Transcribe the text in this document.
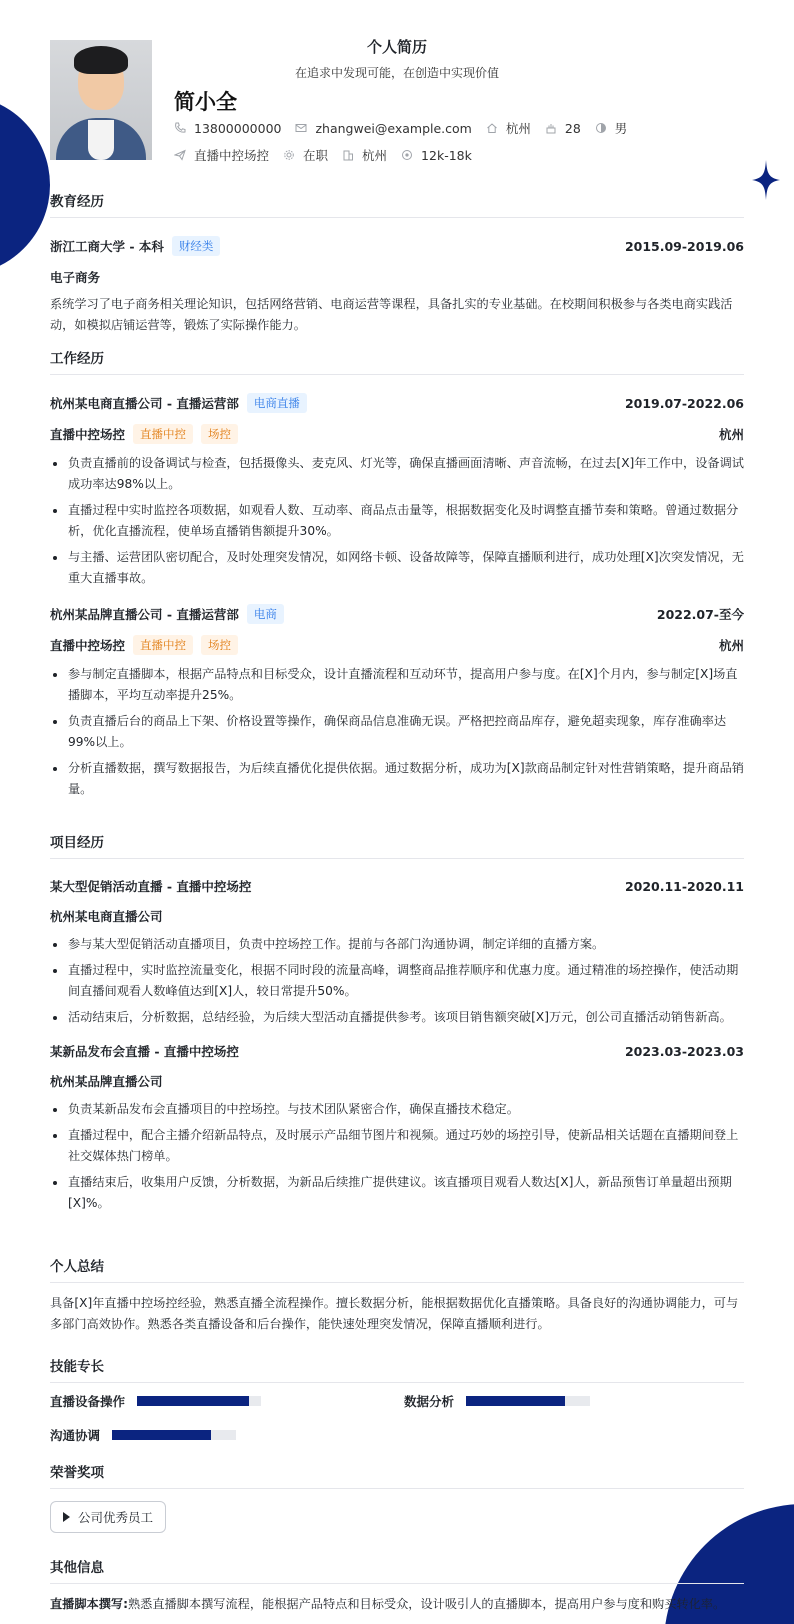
个人简历
在追求中发现可能，在创造中实现价值
简小全
13800000000	zhangwei@example.com	杭州	28	男
直播中控场控	在职	杭州	12k-18k
教育经历
浙江工商大学 - 本科	财经类	2015.09-2019.06
电子商务
系统学习了电子商务相关理论知识，包括网络营销、电商运营等课程，具备扎实的专业基础。在校期间积极参与各类电商实践活动，如模拟店铺运营等，锻炼了实际操作能力。
工作经历
杭州某电商直播公司 - 直播运营部	电商直播	2019.07-2022.06
直播中控场控	直播中控	场控	杭州
负责直播前的设备调试与检查，包括摄像头、麦克风、灯光等，确保直播画面清晰、声音流畅，在过去[X]年工作中，设备调试成功率达98%以上。
直播过程中实时监控各项数据，如观看人数、互动率、商品点击量等，根据数据变化及时调整直播节奏和策略。曾通过数据分析，优化直播流程，使单场直播销售额提升30%。
与主播、运营团队密切配合，及时处理突发情况，如网络卡顿、设备故障等，保障直播顺利进行，成功处理[X]次突发情况，无重大直播事故。
杭州某品牌直播公司 - 直播运营部	电商	2022.07-至今
直播中控场控	直播中控	场控	杭州
参与制定直播脚本，根据产品特点和目标受众，设计直播流程和互动环节，提高用户参与度。在[X]个月内，参与制定[X]场直播脚本，平均互动率提升25%。
负责直播后台的商品上下架、价格设置等操作，确保商品信息准确无误。严格把控商品库存，避免超卖现象，库存准确率达99%以上。
分析直播数据，撰写数据报告，为后续直播优化提供依据。通过数据分析，成功为[X]款商品制定针对性营销策略，提升商品销量。
项目经历
某大型促销活动直播 - 直播中控场控	2020.11-2020.11
杭州某电商直播公司
参与某大型促销活动直播项目，负责中控场控工作。提前与各部门沟通协调，制定详细的直播方案。
直播过程中，实时监控流量变化，根据不同时段的流量高峰，调整商品推荐顺序和优惠力度。通过精准的场控操作，使活动期间直播间观看人数峰值达到[X]人，较日常提升50%。
活动结束后，分析数据，总结经验，为后续大型活动直播提供参考。该项目销售额突破[X]万元，创公司直播活动销售新高。
某新品发布会直播 - 直播中控场控	2023.03-2023.03
杭州某品牌直播公司
负责某新品发布会直播项目的中控场控。与技术团队紧密合作，确保直播技术稳定。
直播过程中，配合主播介绍新品特点，及时展示产品细节图片和视频。通过巧妙的场控引导，使新品相关话题在直播期间登上社交媒体热门榜单。
直播结束后，收集用户反馈，分析数据，为新品后续推广提供建议。该直播项目观看人数达[X]人，新品预售订单量超出预期[X]%。
个人总结
具备[X]年直播中控场控经验，熟悉直播全流程操作。擅长数据分析，能根据数据优化直播策略。具备良好的沟通协调能力，可与多部门高效协作。熟悉各类直播设备和后台操作，能快速处理突发情况，保障直播顺利进行。
技能专长
直播设备操作	数据分析
沟通协调
荣誉奖项
公司优秀员工
其他信息
直播脚本撰写:熟悉直播脚本撰写流程，能根据产品特点和目标受众，设计吸引人的直播脚本，提高用户参与度和购买转化率。
